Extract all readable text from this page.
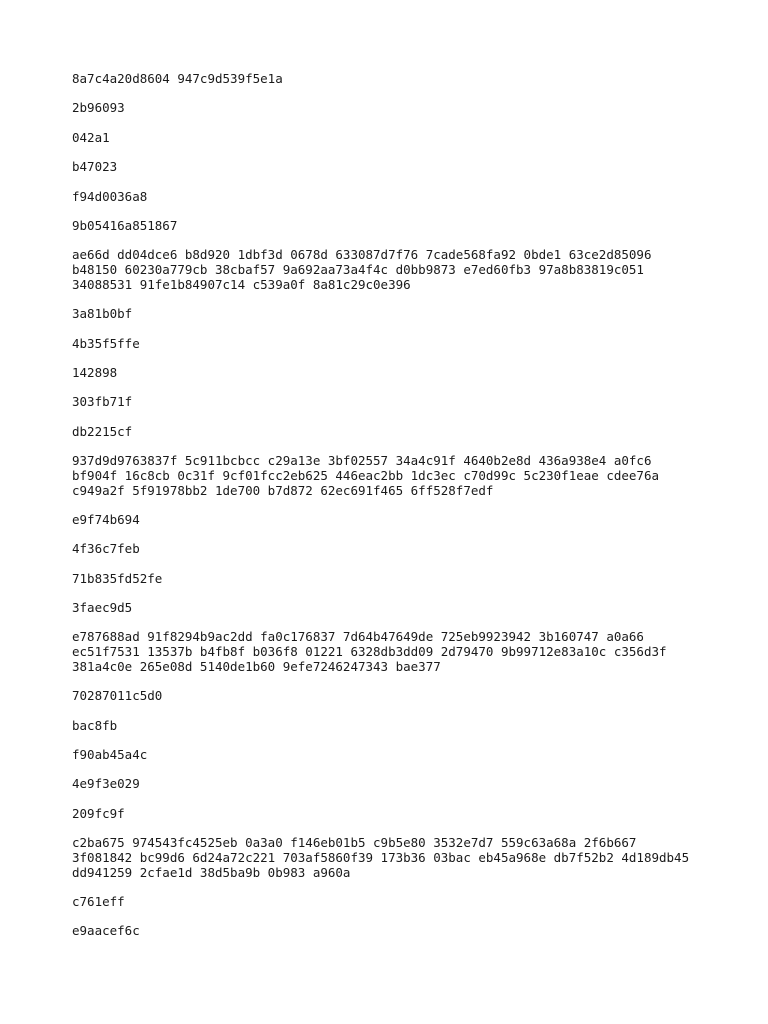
8a7c4a20d8604 947c9d539f5e1a

2b96093

042a1

b47023

f94d0036a8

9b05416a851867

ae66d dd04dce6 b8d920 1dbf3d 0678d 633087d7f76 7cade568fa92 0bde1 63ce2d85096
b48150 60230a779cb 38cbaf57 9a692aa73a4f4c d0bb9873 e7ed60fb3 97a8b83819c051
34088531 91fe1b84907c14 c539a0f 8a81c29c0e396

3a81b0bf

4b35f5ffe

142898

303fb71f

db2215cf

937d9d9763837f 5c911bcbcc c29a13e 3bf02557 34a4c91f 4640b2e8d 436a938e4 a0fc6
bf904f 16c8cb 0c31f 9cf01fcc2eb625 446eac2bb 1dc3ec c70d99c 5c230f1eae cdee76a
c949a2f 5f91978bb2 1de700 b7d872 62ec691f465 6ff528f7edf

e9f74b694

4f36c7feb

71b835fd52fe

3faec9d5

e787688ad 91f8294b9ac2dd fa0c176837 7d64b47649de 725eb9923942 3b160747 a0a66
ec51f7531 13537b b4fb8f b036f8 01221 6328db3dd09 2d79470 9b99712e83a10c c356d3f
381a4c0e 265e08d 5140de1b60 9efe7246247343 bae377

70287011c5d0

bac8fb

f90ab45a4c

4e9f3e029

209fc9f

c2ba675 974543fc4525eb 0a3a0 f146eb01b5 c9b5e80 3532e7d7 559c63a68a 2f6b667
3f081842 bc99d6 6d24a72c221 703af5860f39 173b36 03bac eb45a968e db7f52b2 4d189db45
dd941259 2cfae1d 38d5ba9b 0b983 a960a

c761eff

e9aacef6c
